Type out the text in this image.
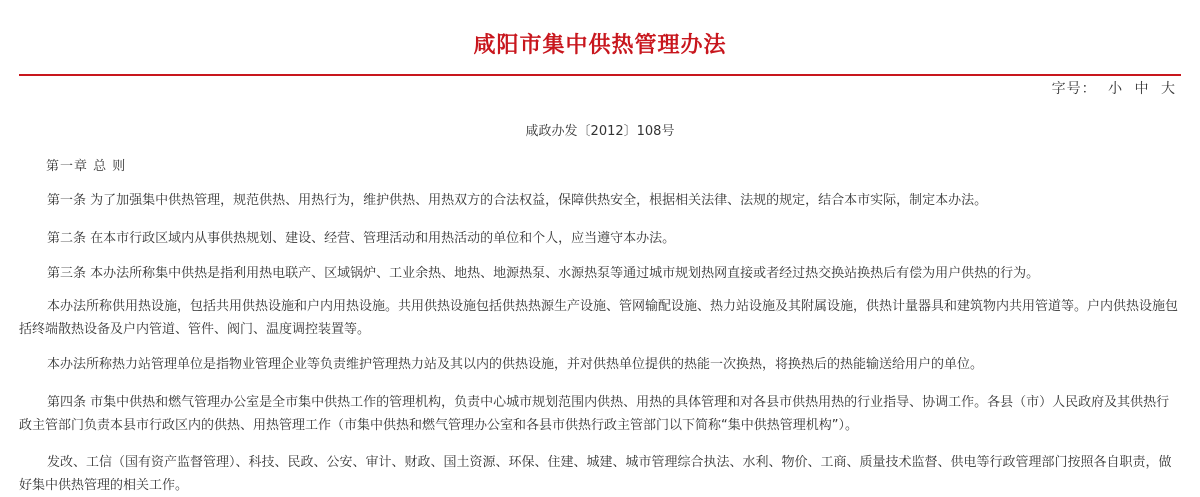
咸阳市集中供热管理办法
字号： 小 中 大
咸政办发〔2012〕108号
第一章 总 则

第一条 为了加强集中供热管理，规范供热、用热行为，维护供热、用热双方的合法权益，保障供热安全，根据相关法律、法规的规定，结合本市实际，制定本办法。

第二条 在本市行政区域内从事供热规划、建设、经营、管理活动和用热活动的单位和个人，应当遵守本办法。

第三条 本办法所称集中供热是指利用热电联产、区域锅炉、工业余热、地热、地源热泵、水源热泵等通过城市规划热网直接或者经过热交换站换热后有偿为用户供热的行为。

本办法所称供用热设施，包括共用供热设施和户内用热设施。共用供热设施包括供热热源生产设施、管网输配设施、热力站设施及其附属设施，供热计量器具和建筑物内共用管道等。户内供热设施包括终端散热设备及户内管道、管件、阀门、温度调控装置等。

本办法所称热力站管理单位是指物业管理企业等负责维护管理热力站及其以内的供热设施，并对供热单位提供的热能一次换热，将换热后的热能输送给用户的单位。

第四条 市集中供热和燃气管理办公室是全市集中供热工作的管理机构，负责中心城市规划范围内供热、用热的具体管理和对各县市供热用热的行业指导、协调工作。各县（市）人民政府及其供热行政主管部门负责本县市行政区内的供热、用热管理工作（市集中供热和燃气管理办公室和各县市供热行政主管部门以下简称“集中供热管理机构”）。

发改、工信（国有资产监督管理）、科技、民政、公安、审计、财政、国土资源、环保、住建、城建、城市管理综合执法、水利、物价、工商、质量技术监督、供电等行政管理部门按照各自职责，做好集中供热管理的相关工作。
